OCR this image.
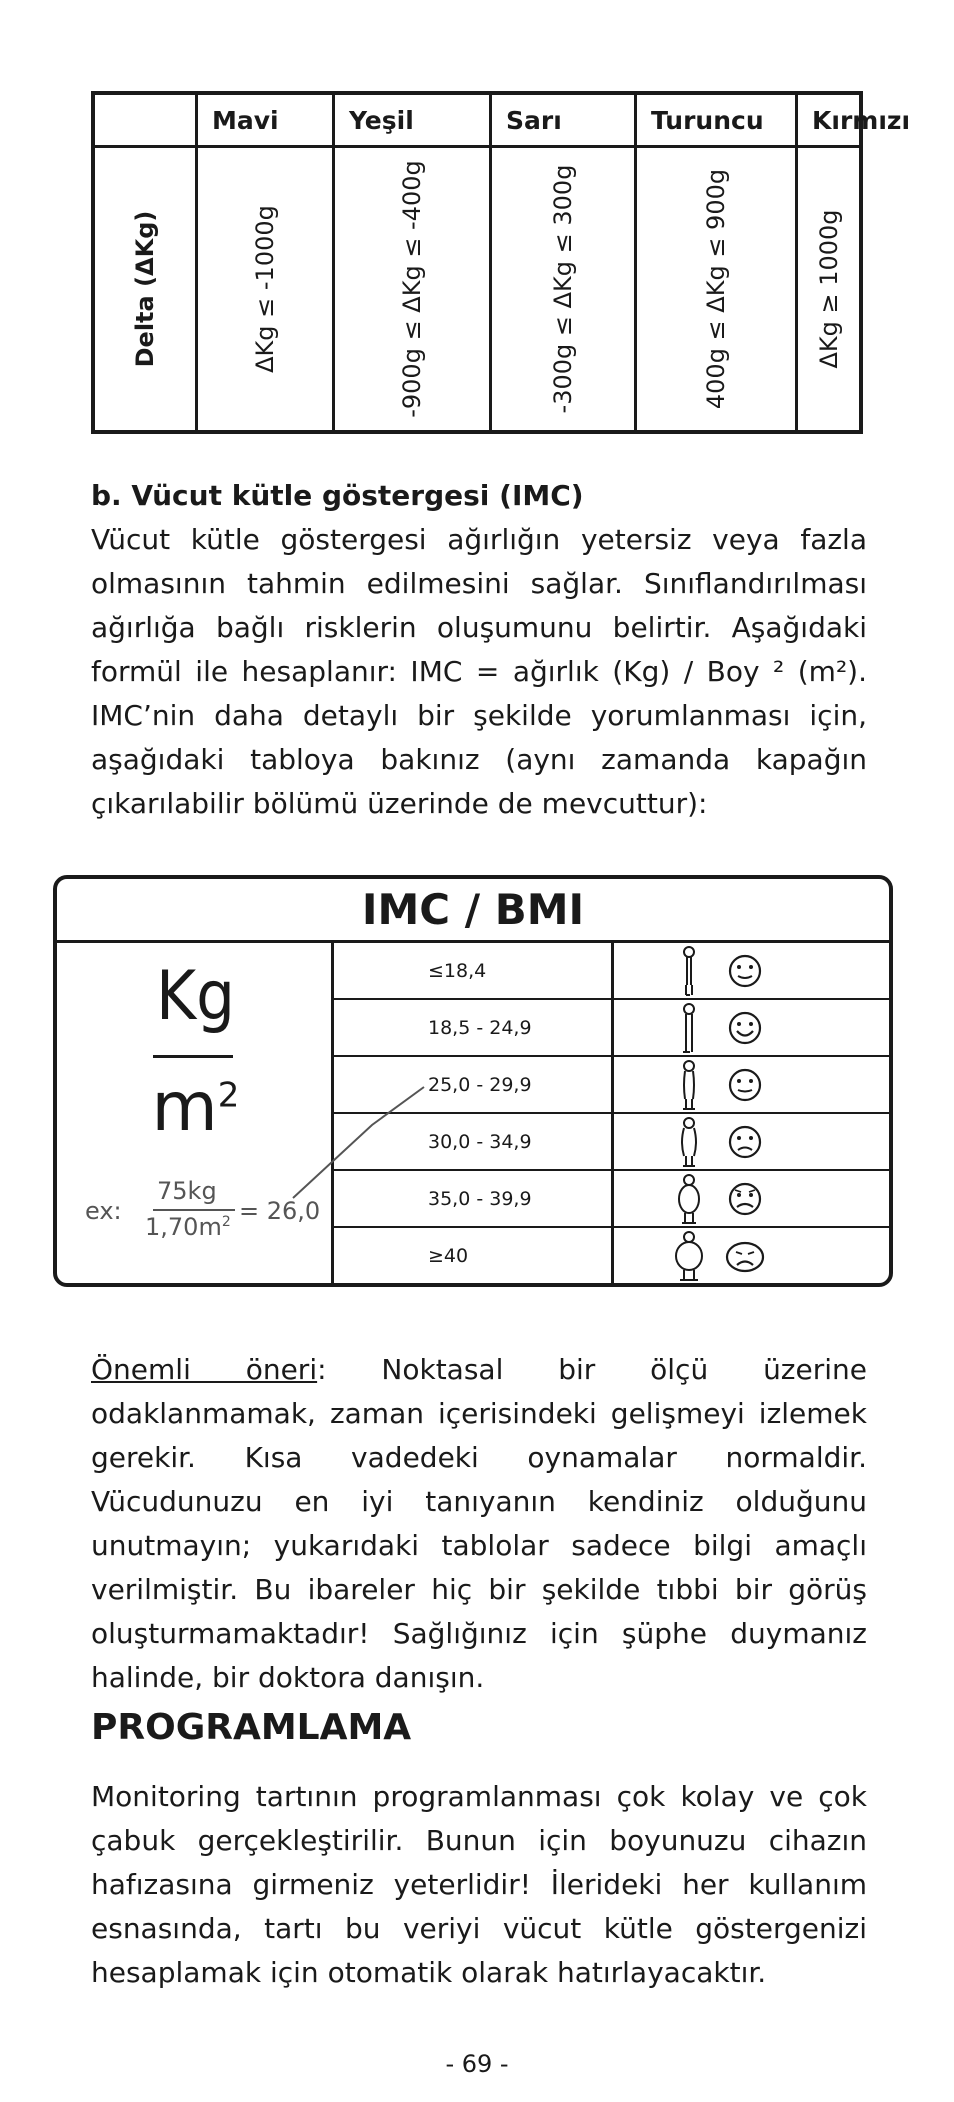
	Mavi	Yeşil	Sarı	Turuncu	Kırmızı

Delta (ΔKg)	ΔKg ≤ -1000g	-900g ≤ ΔKg ≤ -400g	-300g ≤ ΔKg ≤ 300g	400g ≤ ΔKg ≤ 900g	ΔKg ≥ 1000g
b. Vücut kütle göstergesi (IMC)

Vücut kütle göstergesi ağırlığın yetersiz veya fazla olmasının tahmin edilmesini sağlar. Sınıflandırılması ağırlığa bağlı risklerin oluşumunu belirtir. Aşağıdaki formül ile hesaplanır: IMC = ağırlık (Kg) / Boy ² (m²). IMC’nin daha detaylı bir şekilde yorumlanması için, aşağıdaki tabloya bakınız (aynı zamanda kapağın çıkarılabilir bölümü üzerinde de mevcuttur):

IMC / BMI
Kg
$m^2$
ex:
75kg
$1,70m^2 = 26,0$
≤18,4
18,5 - 24,9
25,0 - 29,9
30,0 - 34,9
35,0 - 39,9
≥40

Önemli öneri: Noktasal bir ölçü üzerine odaklanmamak, zaman içerisindeki gelişmeyi izlemek gerekir. Kısa vadedeki oynamalar normaldir. Vücudunuzu en iyi tanıyanın kendiniz olduğunu unutmayın; yukarıdaki tablolar sadece bilgi amaçlı verilmiştir. Bu ibareler hiç bir şekilde tıbbi bir görüş oluşturmamaktadır! Sağlığınız için şüphe duymanız halinde, bir doktora danışın.

PROGRAMLAMA

Monitoring tartının programlanması çok kolay ve çok çabuk gerçekleştirilir. Bunun için boyunuzu cihazın hafızasına girmeniz yeterlidir! İlerideki her kullanım esnasında, tartı bu veriyi vücut kütle göstergenizi hesaplamak için otomatik olarak hatırlayacaktır.

- 69 -
